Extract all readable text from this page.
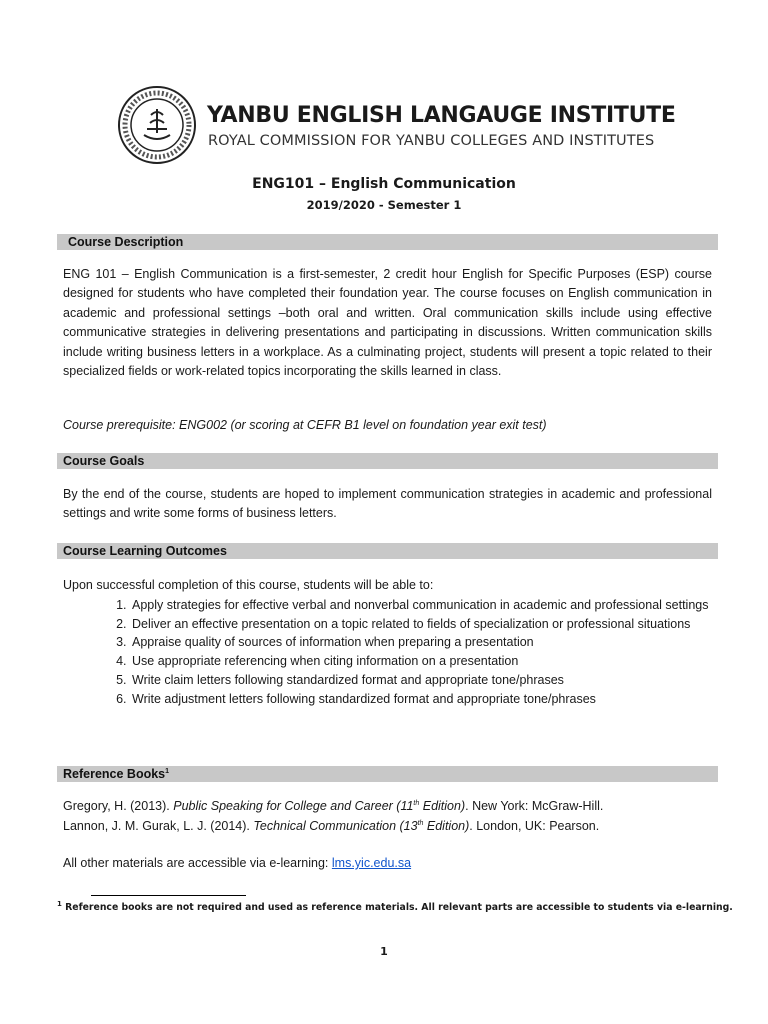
YANBU ENGLISH LANGAUGE INSTITUTE
ROYAL COMMISSION FOR YANBU COLLEGES AND INSTITUTES
ENG101 – English Communication
2019/2020 - Semester 1
Course Description
ENG 101 – English Communication is a first-semester, 2 credit hour English for Specific Purposes (ESP) course designed for students who have completed their foundation year. The course focuses on English communication in academic and professional settings –both oral and written. Oral communication skills include using effective communicative strategies in delivering presentations and participating in discussions. Written communication skills include writing business letters in a workplace. As a culminating project, students will present a topic related to their specialized fields or work-related topics incorporating the skills learned in class.
Course prerequisite: ENG002 (or scoring at CEFR B1 level on foundation year exit test)
Course Goals
By the end of the course, students are hoped to implement communication strategies in academic and professional settings and write some forms of business letters.
Course Learning Outcomes
Upon successful completion of this course, students will be able to:
1. Apply strategies for effective verbal and nonverbal communication in academic and professional settings
2. Deliver an effective presentation on a topic related to fields of specialization or professional situations
3. Appraise quality of sources of information when preparing a presentation
4. Use appropriate referencing when citing information on a presentation
5. Write claim letters following standardized format and appropriate tone/phrases
6. Write adjustment letters following standardized format and appropriate tone/phrases
Reference Books$^1$
Gregory, H. (2013). Public Speaking for College and Career (11th Edition). New York: McGraw-Hill.
Lannon, J. M. Gurak, L. J. (2014). Technical Communication (13th Edition). London, UK: Pearson.
All other materials are accessible via e-learning: lms.yic.edu.sa
$^1$ Reference books are not required and used as reference materials. All relevant parts are accessible to students via e-learning.
1
